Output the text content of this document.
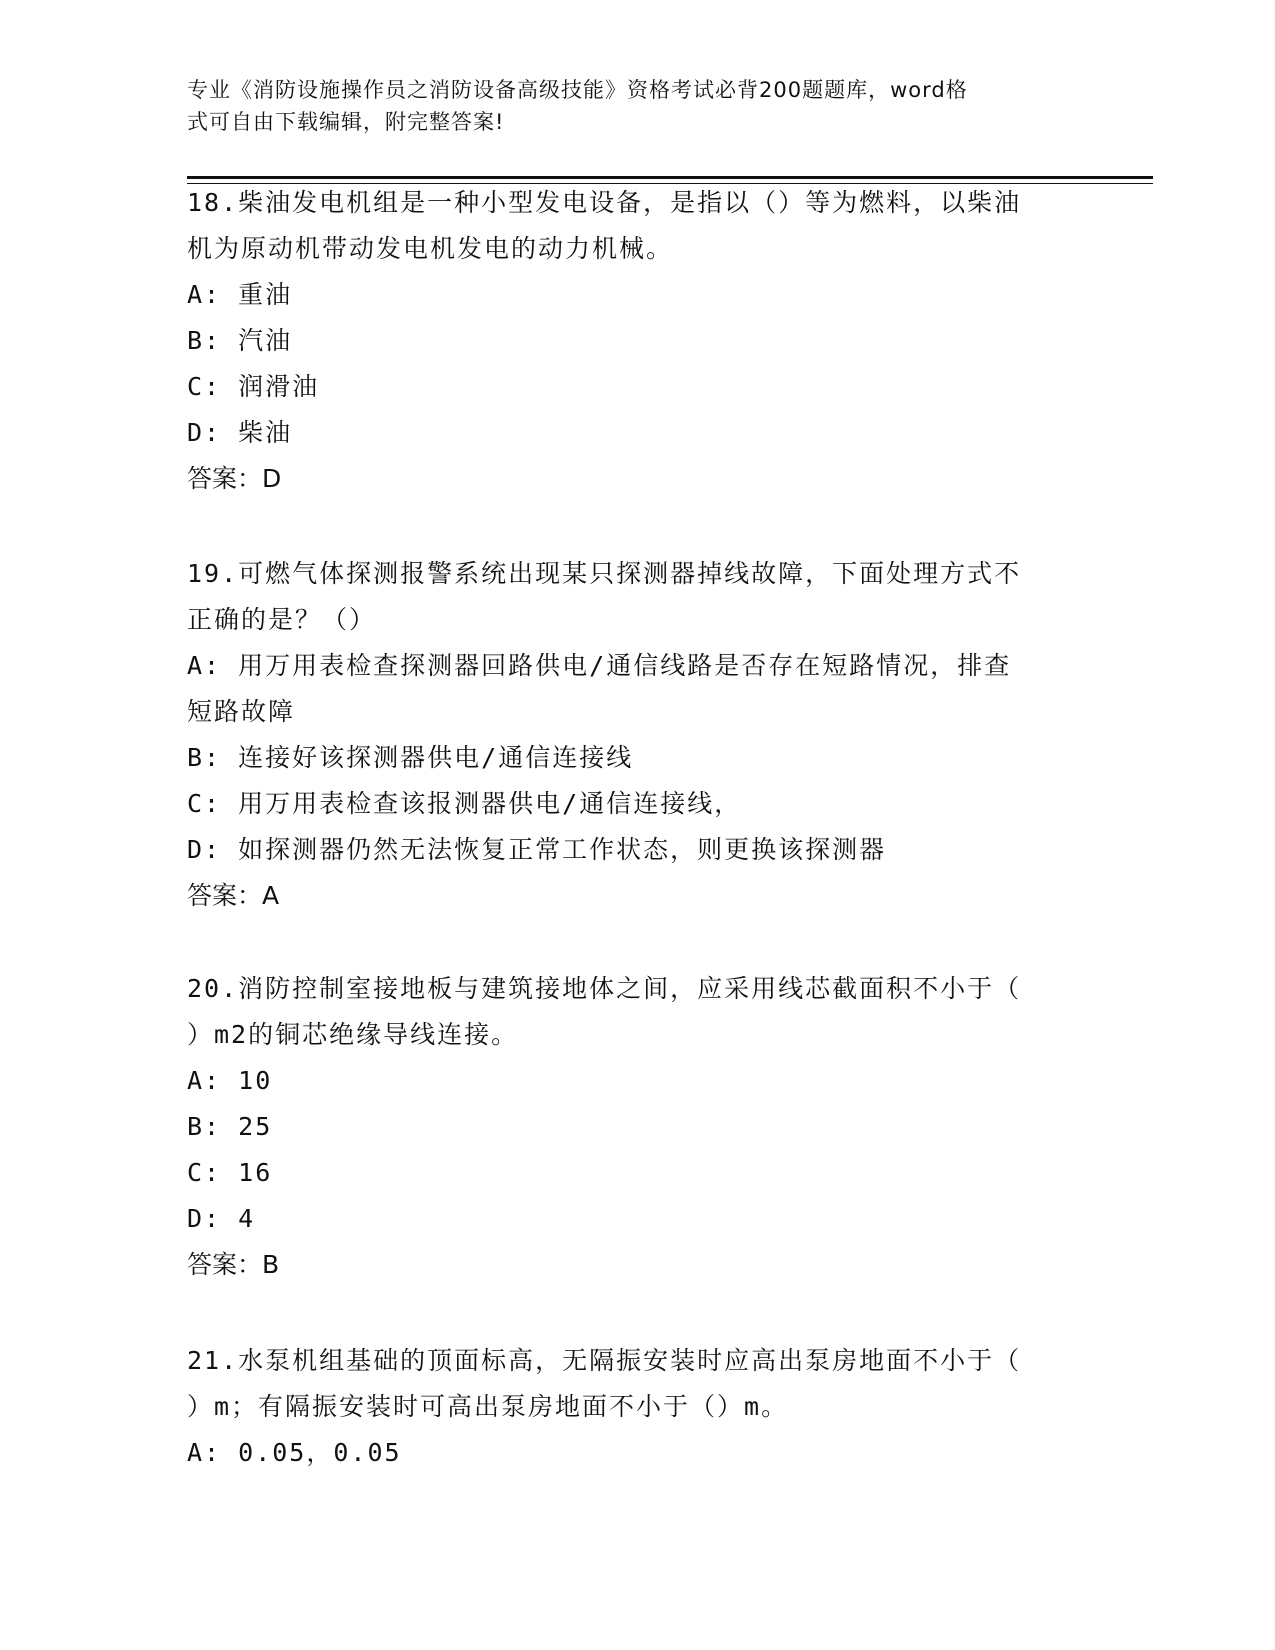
专业《消防设施操作员之消防设备高级技能》资格考试必背200题题库，word格
式可自由下载编辑，附完整答案!
18.柴油发电机组是一种小型发电设备，是指以（）等为燃料，以柴油
机为原动机带动发电机发电的动力机械。
A: 重油
B: 汽油
C: 润滑油
D: 柴油
答案：D
19.可燃气体探测报警系统出现某只探测器掉线故障，下面处理方式不
正确的是？（）
A: 用万用表检查探测器回路供电/通信线路是否存在短路情况，排查
短路故障
B: 连接好该探测器供电/通信连接线
C: 用万用表检查该报测器供电/通信连接线，
D: 如探测器仍然无法恢复正常工作状态，则更换该探测器
答案：A
20.消防控制室接地板与建筑接地体之间，应采用线芯截面积不小于（
）m2的铜芯绝缘导线连接。
A: 10
B: 25
C: 16
D: 4
答案：B
21.水泵机组基础的顶面标高，无隔振安装时应高出泵房地面不小于（
）m；有隔振安装时可高出泵房地面不小于（）m。
A: 0.05，0.05
